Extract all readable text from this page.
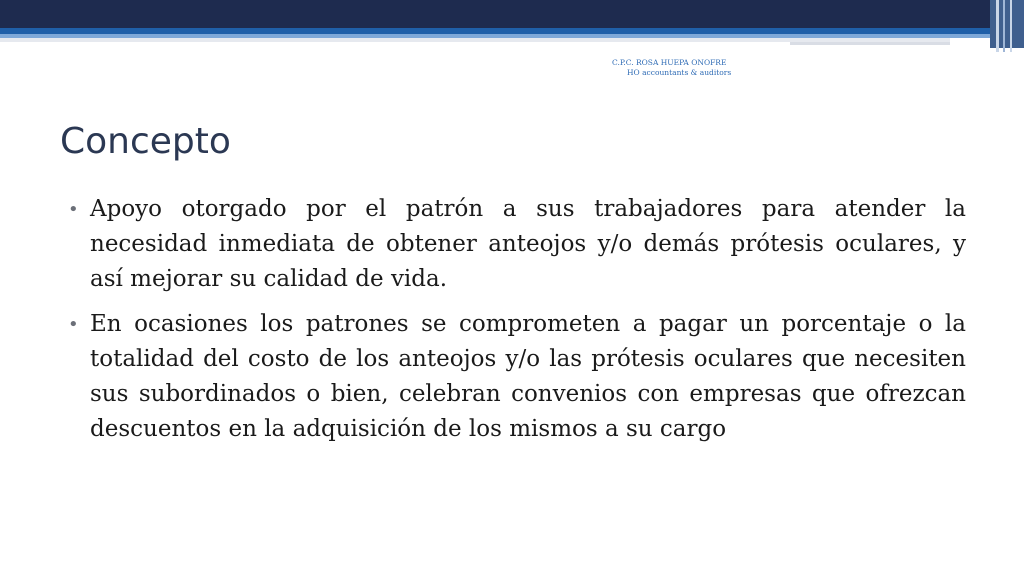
C.P.C. ROSA HUEPA ONOFRE
HO accountants & auditors
Concepto
• Apoyo otorgado por el patrón a sus trabajadores para atender la necesidad inmediata de obtener anteojos y/o demás prótesis oculares, y así mejorar su calidad de vida.
• En ocasiones los patrones se comprometen a pagar un porcentaje o la totalidad del costo de los anteojos y/o las prótesis oculares que necesiten sus subordinados o bien, celebran convenios con empresas que ofrezcan descuentos en la adquisición de los mismos a su cargo
